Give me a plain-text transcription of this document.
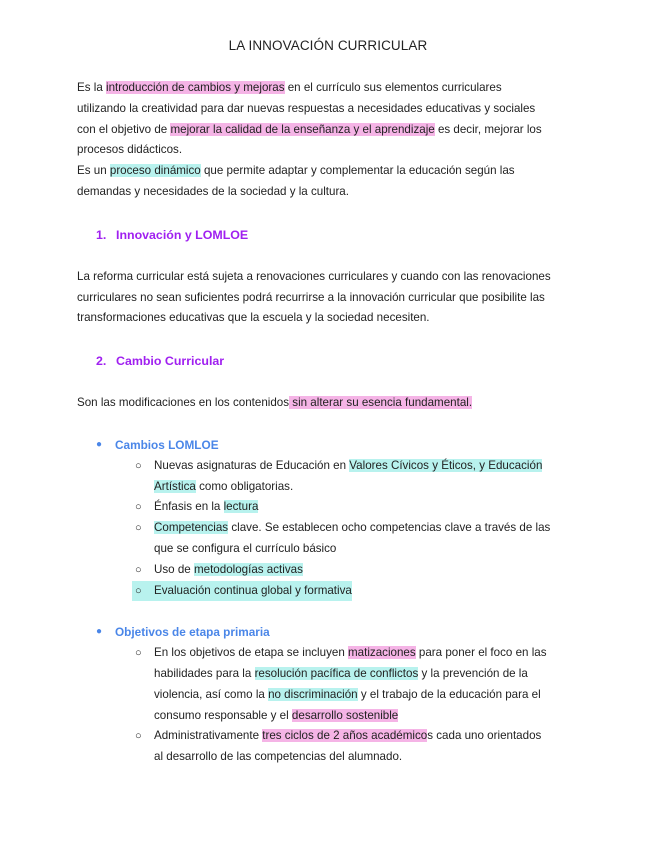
LA INNOVACIÓN CURRICULAR

Es la introducción de cambios y mejoras en el currículo sus elementos curriculares

utilizando la creatividad para dar nuevas respuestas a necesidades educativas y sociales

con el objetivo de mejorar la calidad de la enseñanza y el aprendizaje es decir, mejorar los

procesos didácticos.

Es un proceso dinámico que permite adaptar y complementar la educación según las

demandas y necesidades de la sociedad y la cultura.

1. Innovación y LOMLOE

La reforma curricular está sujeta a renovaciones curriculares y cuando con las renovaciones

curriculares no sean suficientes podrá recurrirse a la innovación curricular que posibilite las

transformaciones educativas que la escuela y la sociedad necesiten.

2. Cambio Curricular

Son las modificaciones en los contenidos sin alterar su esencia fundamental.

● Cambios LOMLOE

○ Nuevas asignaturas de Educación en Valores Cívicos y Éticos, y Educación
Artística como obligatorias.
○ Énfasis en la lectura
○ Competencias clave. Se establecen ocho competencias clave a través de las
que se configura el currículo básico
○ Uso de metodologías activas
○ Evaluación continua global y formativa

● Objetivos de etapa primaria

○ En los objetivos de etapa se incluyen matizaciones para poner el foco en las
habilidades para la resolución pacífica de conflictos y la prevención de la
violencia, así como la no discriminación y el trabajo de la educación para el
consumo responsable y el desarrollo sostenible
○ Administrativamente tres ciclos de 2 años académicos cada uno orientados
al desarrollo de las competencias del alumnado.
